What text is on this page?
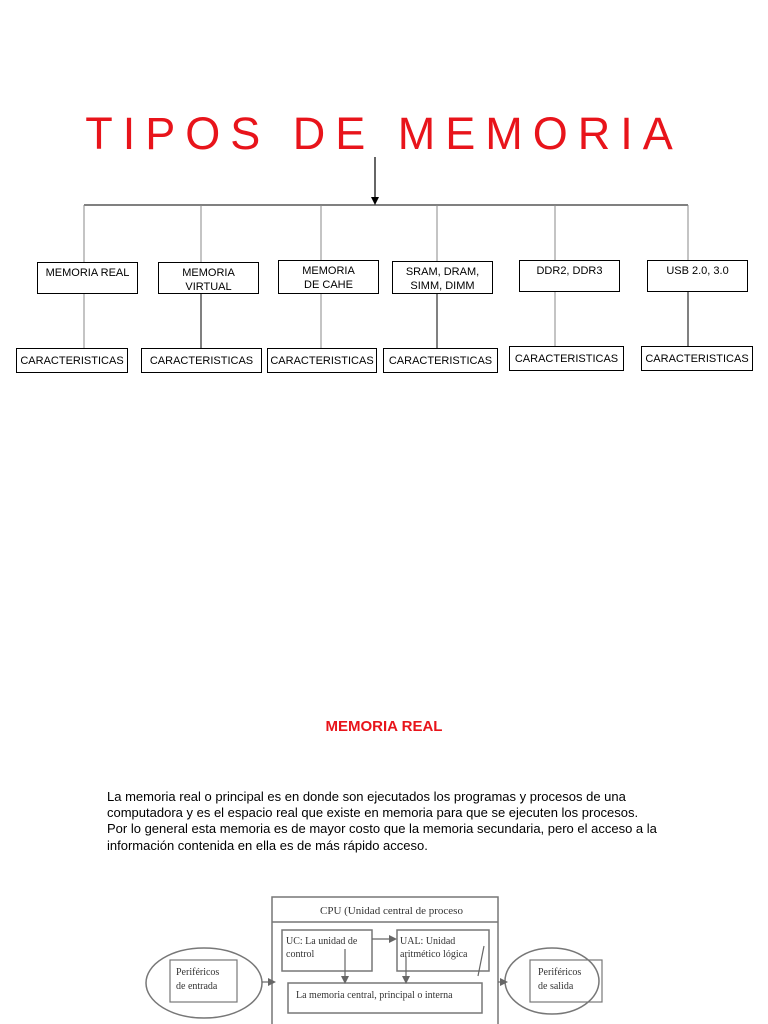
TIPOS DE MEMORIA
MEMORIA REAL	MEMORIA VIRTUAL
MEMORIA DE CAHE
SRAM, DRAM, SIMM, DIMM
DDR2, DDR3	USB 2.0, 3.0
CARACTERISTICAS	CARACTERISTICAS	CARACTERISTICAS	CARACTERISTICAS	CARACTERISTICAS	CARACTERISTICAS
MEMORIA REAL

La memoria real o principal es en donde son ejecutados los programas y procesos de una computadora y es el espacio real que existe en memoria para que se ejecuten los procesos.

Por lo general esta memoria es de mayor costo que la memoria secundaria, pero el acceso a la información contenida en ella es de más rápido acceso.

CPU (Unidad central de proceso
UC: La unidad de control
UAL: Unidad aritmético lógica
La memoria central, principal o interna
Periféricos de entrada
Periféricos de salida
